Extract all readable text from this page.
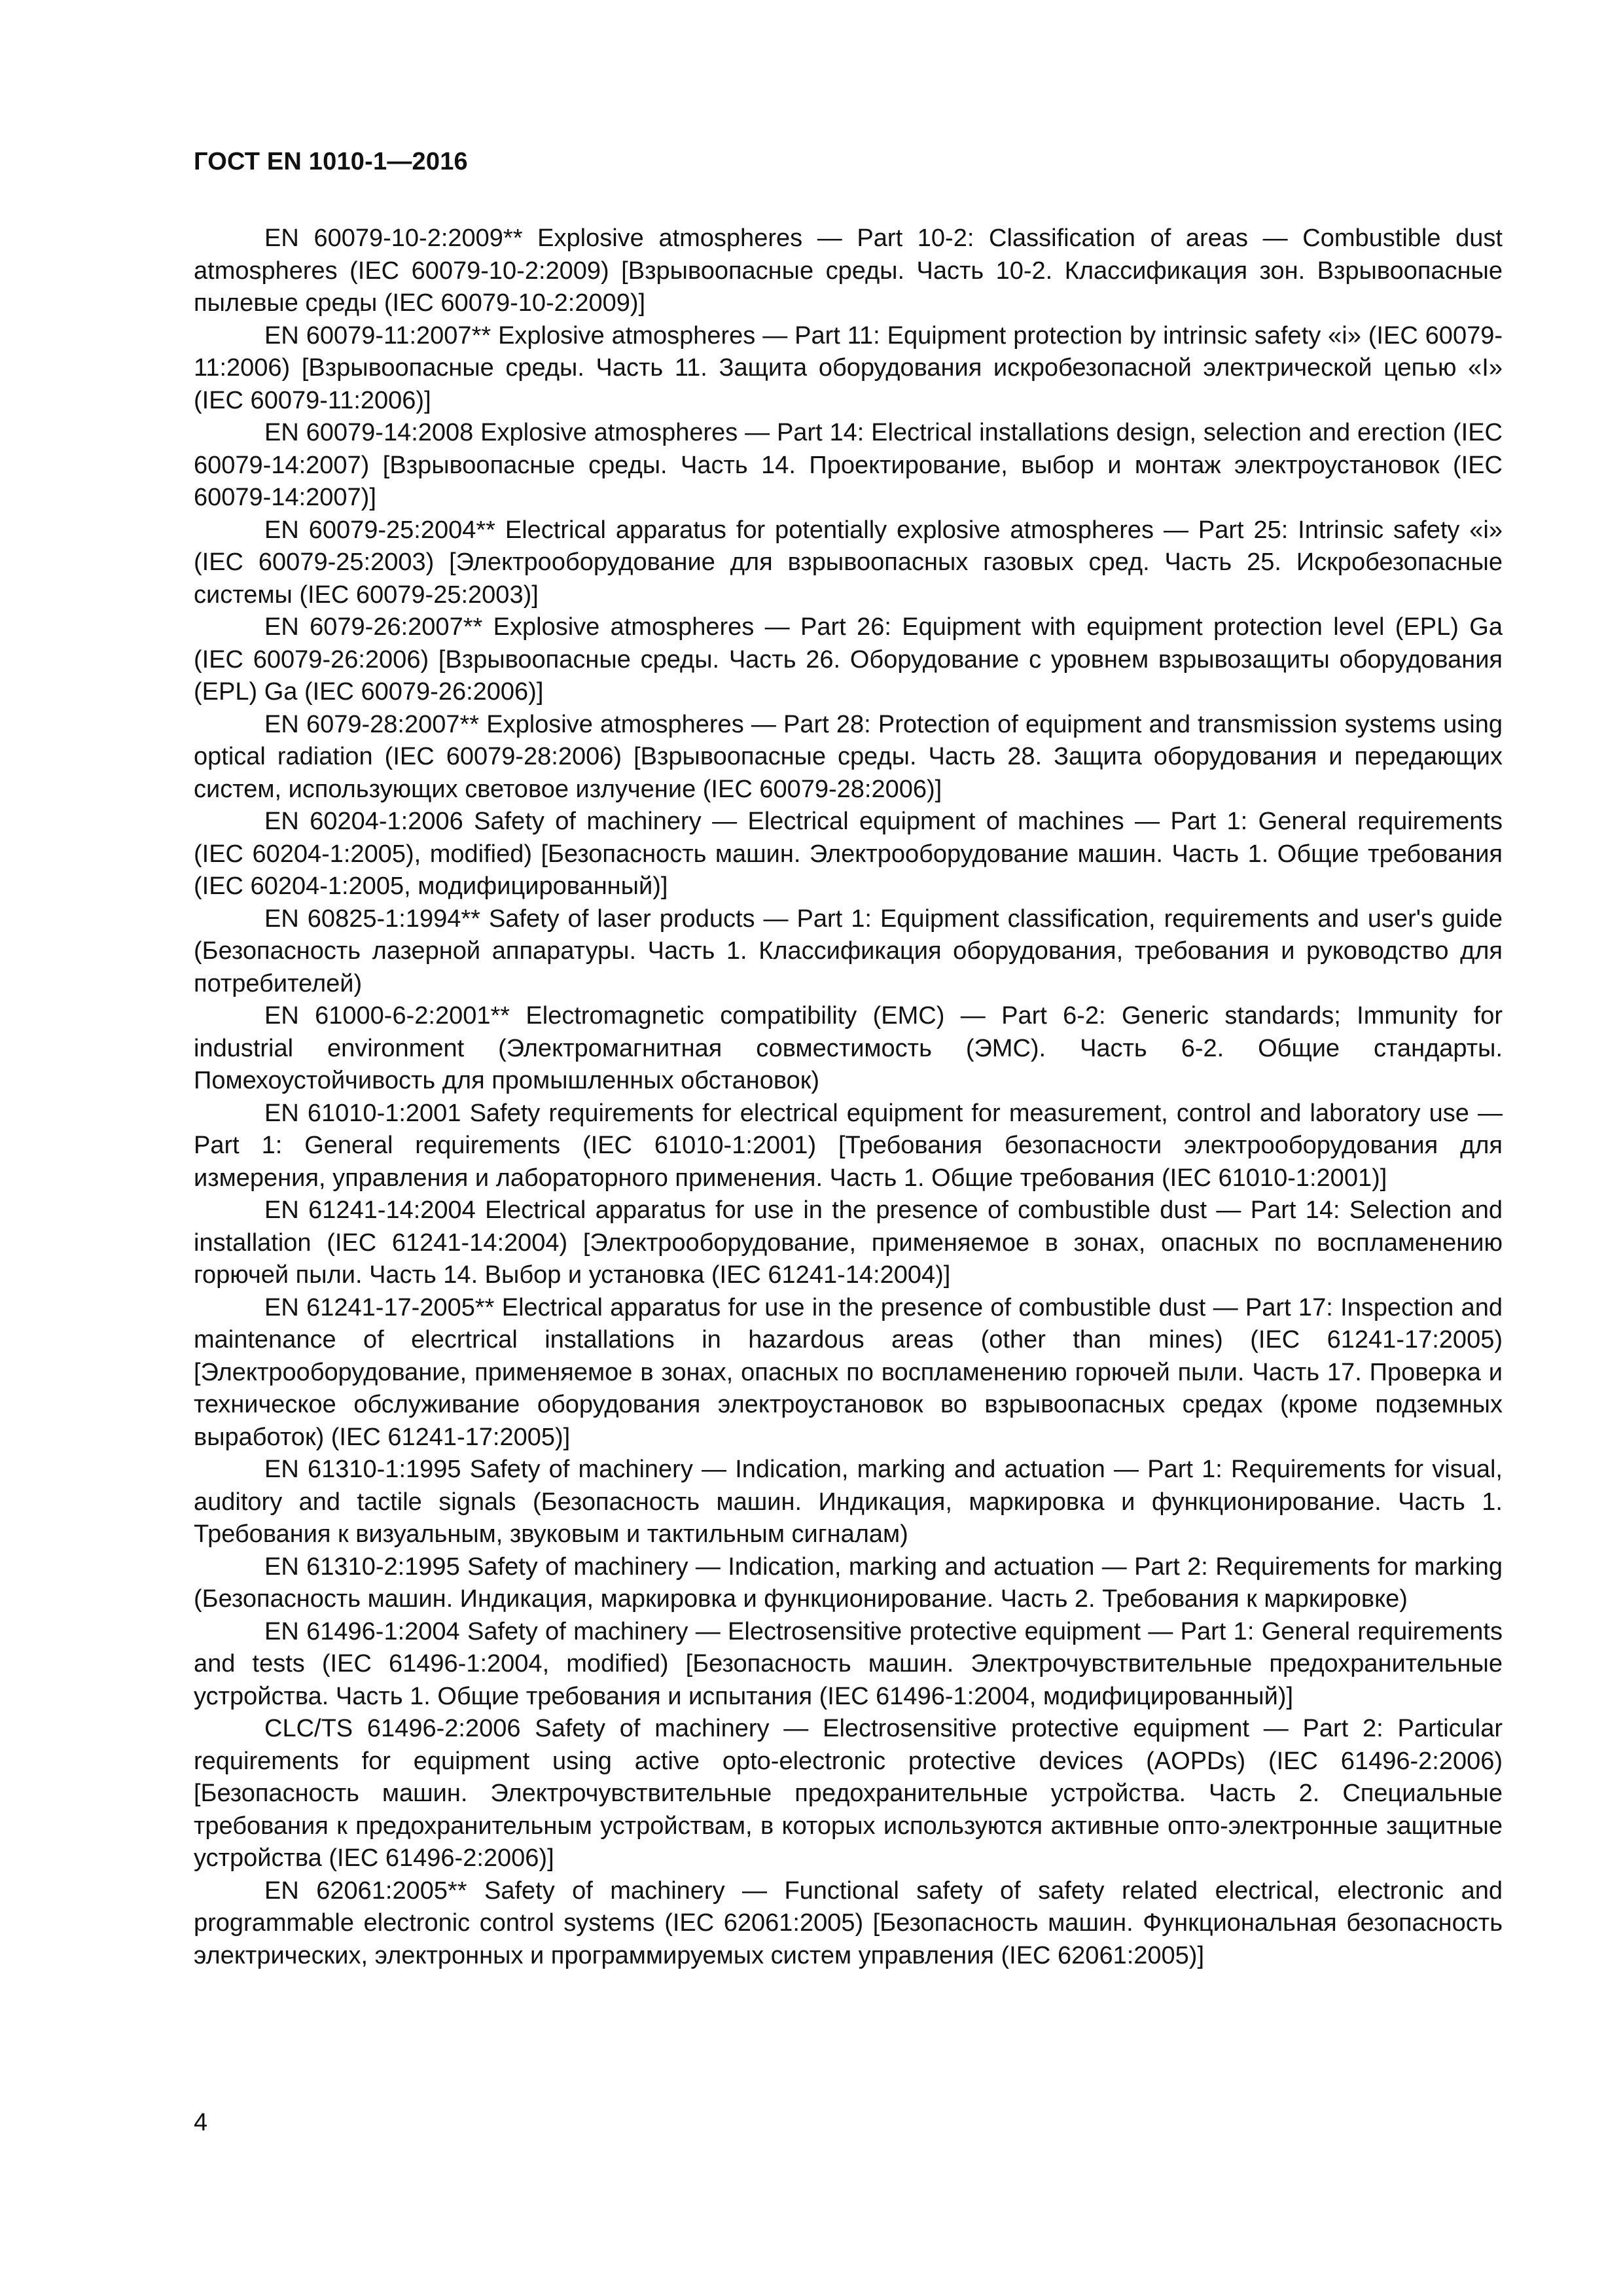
ГОСТ EN 1010-1—2016

EN 60079-10-2:2009** Explosive atmospheres — Part 10-2: Classification of areas — Combustible dust atmospheres (IEC 60079-10-2:2009) [Взрывоопасные среды. Часть 10-2. Классификация зон. Взрывоопасные пылевые среды (IEC 60079-10-2:2009)]

EN 60079-11:2007** Explosive atmospheres — Part 11: Equipment protection by intrinsic safety «i» (IEC 60079-11:2006) [Взрывоопасные среды. Часть 11. Защита оборудования искробезопасной электрической цепью «I» (IEC 60079-11:2006)]

EN 60079-14:2008 Explosive atmospheres — Part 14: Electrical installations design, selection and erection (IEC 60079-14:2007) [Взрывоопасные среды. Часть 14. Проектирование, выбор и монтаж электроустановок (IEC 60079-14:2007)]

EN 60079-25:2004** Electrical apparatus for potentially explosive atmospheres — Part 25: Intrinsic safety «i» (IEC 60079-25:2003) [Электрооборудование для взрывоопасных газовых сред. Часть 25. Искробезопасные системы (IEC 60079-25:2003)]

EN 6079-26:2007** Explosive atmospheres — Part 26: Equipment with equipment protection level (EPL) Ga (IEC 60079-26:2006) [Взрывоопасные среды. Часть 26. Оборудование с уровнем взрывозащиты оборудования (EPL) Ga (IEC 60079-26:2006)]

EN 6079-28:2007** Explosive atmospheres — Part 28: Protection of equipment and transmission systems using optical radiation (IEC 60079-28:2006) [Взрывоопасные среды. Часть 28. Защита оборудования и передающих систем, использующих световое излучение (IEC 60079-28:2006)]

EN 60204-1:2006 Safety of machinery — Electrical equipment of machines — Part 1: General requirements (IEC 60204-1:2005), modified) [Безопасность машин. Электрооборудование машин. Часть 1. Общие требования (IEC 60204-1:2005, модифицированный)]

EN 60825-1:1994** Safety of laser products — Part 1: Equipment classification, requirements and user's guide (Безопасность лазерной аппаратуры. Часть 1. Классификация оборудования, требования и руководство для потребителей)

EN 61000-6-2:2001** Electromagnetic compatibility (EMC) — Part 6-2: Generic standards; Immunity for industrial environment (Электромагнитная совместимость (ЭМС). Часть 6-2. Общие стандарты. Помехоустойчивость для промышленных обстановок)

EN 61010-1:2001 Safety requirements for electrical equipment for measurement, control and laboratory use — Part 1: General requirements (IEC 61010-1:2001) [Требования безопасности электрооборудования для измерения, управления и лабораторного применения. Часть 1. Общие требования (IEC 61010-1:2001)]

EN 61241-14:2004 Electrical apparatus for use in the presence of combustible dust — Part 14: Selection and installation (IEC 61241-14:2004) [Электрооборудование, применяемое в зонах, опасных по воспламенению горючей пыли. Часть 14. Выбор и установка (IEC 61241-14:2004)]

EN 61241-17-2005** Electrical apparatus for use in the presence of combustible dust — Part 17: Inspection and maintenance of elecrtrical installations in hazardous areas (other than mines) (IEC 61241-17:2005) [Электрооборудование, применяемое в зонах, опасных по воспламенению горючей пыли. Часть 17. Проверка и техническое обслуживание оборудования электроустановок во взрывоопасных средах (кроме подземных выработок) (IEC 61241-17:2005)]

EN 61310-1:1995 Safety of machinery — Indication, marking and actuation — Part 1: Requirements for visual, auditory and tactile signals (Безопасность машин. Индикация, маркировка и функционирование. Часть 1. Требования к визуальным, звуковым и тактильным сигналам)

EN 61310-2:1995 Safety of machinery — Indication, marking and actuation — Part 2: Requirements for marking (Безопасность машин. Индикация, маркировка и функционирование. Часть 2. Требования к маркировке)

EN 61496-1:2004 Safety of machinery — Electrosensitive protective equipment — Part 1: General requirements and tests (IEC 61496-1:2004, modified) [Безопасность машин. Электрочувствительные предохранительные устройства. Часть 1. Общие требования и испытания (IEC 61496-1:2004, модифицированный)]

CLC/TS 61496-2:2006 Safety of machinery — Electrosensitive protective equipment — Part 2: Particular requirements for equipment using active opto-electronic protective devices (AOPDs) (IEC 61496-2:2006) [Безопасность машин. Электрочувствительные предохранительные устройства. Часть 2. Специальные требования к предохранительным устройствам, в которых используются активные опто-электронные защитные устройства (IEC 61496-2:2006)]

EN 62061:2005** Safety of machinery — Functional safety of safety related electrical, electronic and programmable electronic control systems (IEC 62061:2005) [Безопасность машин. Функциональная безопасность электрических, электронных и программируемых систем управления (IEC 62061:2005)]

4
